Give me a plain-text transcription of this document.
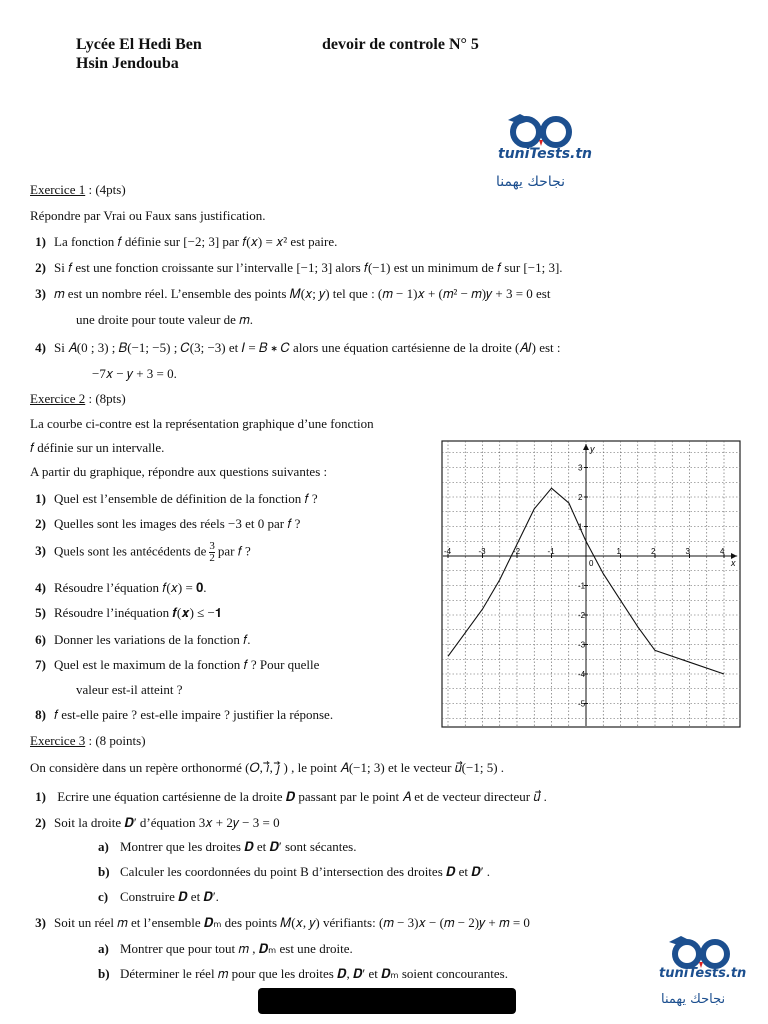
Lycée El Hedi Ben
Hsin Jendouba
devoir de controle N° 5
tuniTests.tn
نجاحك يهمنا
Exercice 1 : (4pts)
Répondre par Vrai ou Faux sans justification.
1) La fonction 𝑓 définie sur [−2; 3] par 𝑓(𝑥) = 𝑥² est paire.
2) Si 𝑓 est une fonction croissante sur l’intervalle [−1; 3] alors 𝑓(−1) est un minimum de 𝑓 sur [−1; 3].
3) 𝑚 est un nombre réel. L’ensemble des points 𝑀(𝑥; 𝑦) tel que : (𝑚 − 1)𝑥 + (𝑚² − 𝑚)𝑦 + 3 = 0 est
une droite pour toute valeur de 𝑚.
4) Si 𝐴(0 ; 3) ; 𝐵(−1; −5) ; 𝐶(3; −3) et 𝐼 = 𝐵 ∗ 𝐶 alors une équation cartésienne de la droite (𝐴𝐼) est :
−7𝑥 − 𝑦 + 3 = 0.
Exercice 2 : (8pts)
La courbe ci-contre est la représentation graphique d’une fonction
𝑓 définie sur un intervalle.
A partir du graphique, répondre aux questions suivantes :
1) Quel est l’ensemble de définition de la fonction 𝑓 ?
2) Quelles sont les images des réels −3 et 0 par 𝑓 ?
3) Quels sont les antécédents de $\frac{3}{2}$ par 𝑓 ?
4) Résoudre l’équation 𝑓(𝑥) = 𝟎.
5) Résoudre l’inéquation 𝒇(𝒙) ≤ −𝟏
6) Donner les variations de la fonction 𝑓.
7) Quel est le maximum de la fonction 𝑓 ? Pour quelle
valeur est-il atteint ?
8) 𝑓 est-elle paire ? est-elle impaire ? justifier la réponse.
-4	-3	-2	-1	1	2	3	4
3
2
1
-1
-2
-3
-4
-5
x
y
0
Exercice 3 : (8 points)
On considère dans un repère orthonormé (𝑂, 𝑖⃗, 𝑗⃗ ) , le point 𝐴(−1; 3) et le vecteur 𝑢⃗(−1; 5) .
1) Ecrire une équation cartésienne de la droite 𝑫 passant par le point 𝐴 et de vecteur directeur 𝑢⃗ .
2) Soit la droite 𝑫′ d’équation 3𝑥 + 2𝑦 − 3 = 0
a) Montrer que les droites 𝑫 et 𝑫′ sont sécantes.
b) Calculer les coordonnées du point B d’intersection des droites 𝑫 et 𝑫′ .
c) Construire 𝑫 et 𝑫′.
3) Soit un réel 𝑚 et l’ensemble 𝑫ₘ des points 𝑀(𝑥, 𝑦) vérifiants: (𝑚 − 3)𝑥 − (𝑚 − 2)𝑦 + 𝑚 = 0
a) Montrer que pour tout 𝑚 , 𝑫ₘ est une droite.
b) Déterminer le réel 𝑚 pour que les droites 𝑫, 𝑫′ et 𝑫ₘ soient concourantes.	tuniTests.tn
نجاحك يهمنا
